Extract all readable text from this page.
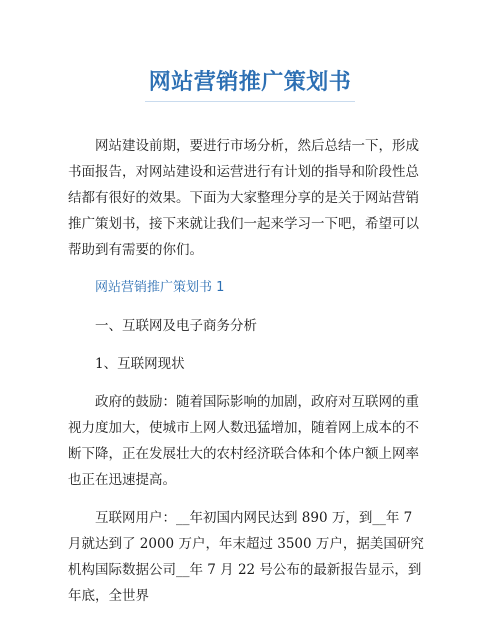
网站营销推广策划书

网站建设前期，要进行市场分析，然后总结一下，形成书面报告，对网站建设和运营进行有计划的指导和阶段性总结都有很好的效果。下面为大家整理分享的是关于网站营销推广策划书，接下来就让我们一起来学习一下吧，希望可以帮助到有需要的你们。

网站营销推广策划书 1

一、互联网及电子商务分析

1、互联网现状

政府的鼓励：随着国际影响的加剧，政府对互联网的重视力度加大，使城市上网人数迅猛增加，随着网上成本的不断下降，正在发展壮大的农村经济联合体和个体户额上网率也正在迅速提高。

互联网用户：__年初国内网民达到 890 万，到__年 7 月就达到了 2000 万户，年末超过 3500 万户，据美国研究机构国际数据公司__年 7 月 22 号公布的最新报告显示，到年底，全世界
